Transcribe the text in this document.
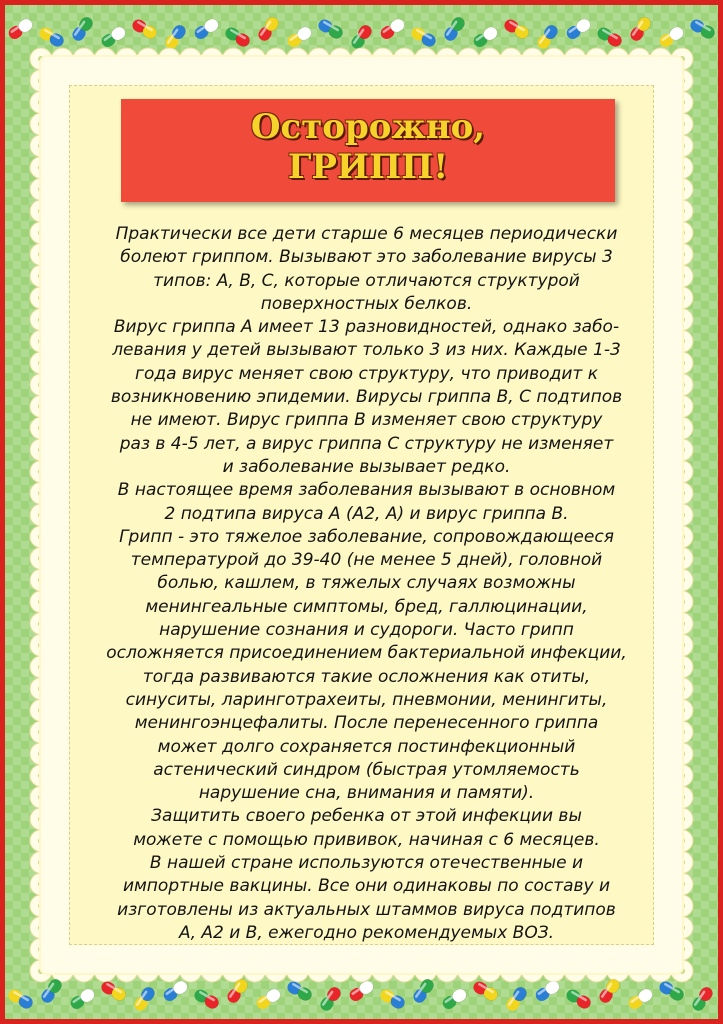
Осторожно,
ГРИПП!

Практически все дети старше 6 месяцев периодически
болеют гриппом. Вызывают это заболевание вирусы 3
типов: А, В, С, которые отличаются структурой
поверхностных белков.
Вирус гриппа А имеет 13 разновидностей, однако забо-
левания у детей вызывают только 3 из них. Каждые 1-3
года вирус меняет свою структуру, что приводит к
возникновению эпидемии. Вирусы гриппа В, С подтипов
не имеют. Вирус гриппа В изменяет свою структуру
раз в 4-5 лет, а вирус гриппа С структуру не изменяет
и заболевание вызывает редко.
В настоящее время заболевания вызывают в основном
2 подтипа вируса А (А2, А) и вирус гриппа В.
Грипп - это тяжелое заболевание, сопровождающееся
температурой до 39-40 (не менее 5 дней), головной
болью, кашлем, в тяжелых случаях возможны
менингеальные симптомы, бред, галлюцинации,
нарушение сознания и судороги. Часто грипп
осложняется присоединением бактериальной инфекции,
тогда развиваются такие осложнения как отиты,
синуситы, ларинготрахеиты, пневмонии, менингиты,
менингоэнцефалиты. После перенесенного гриппа
может долго сохраняется постинфекционный
астенический синдром (быстрая утомляемость
нарушение сна, внимания и памяти).
Защитить своего ребенка от этой инфекции вы
можете с помощью прививок, начиная с 6 месяцев.
В нашей стране используются отечественные и
импортные вакцины. Все они одинаковы по составу и
изготовлены из актуальных штаммов вируса подтипов
А, А2 и В, ежегодно рекомендуемых ВОЗ.
